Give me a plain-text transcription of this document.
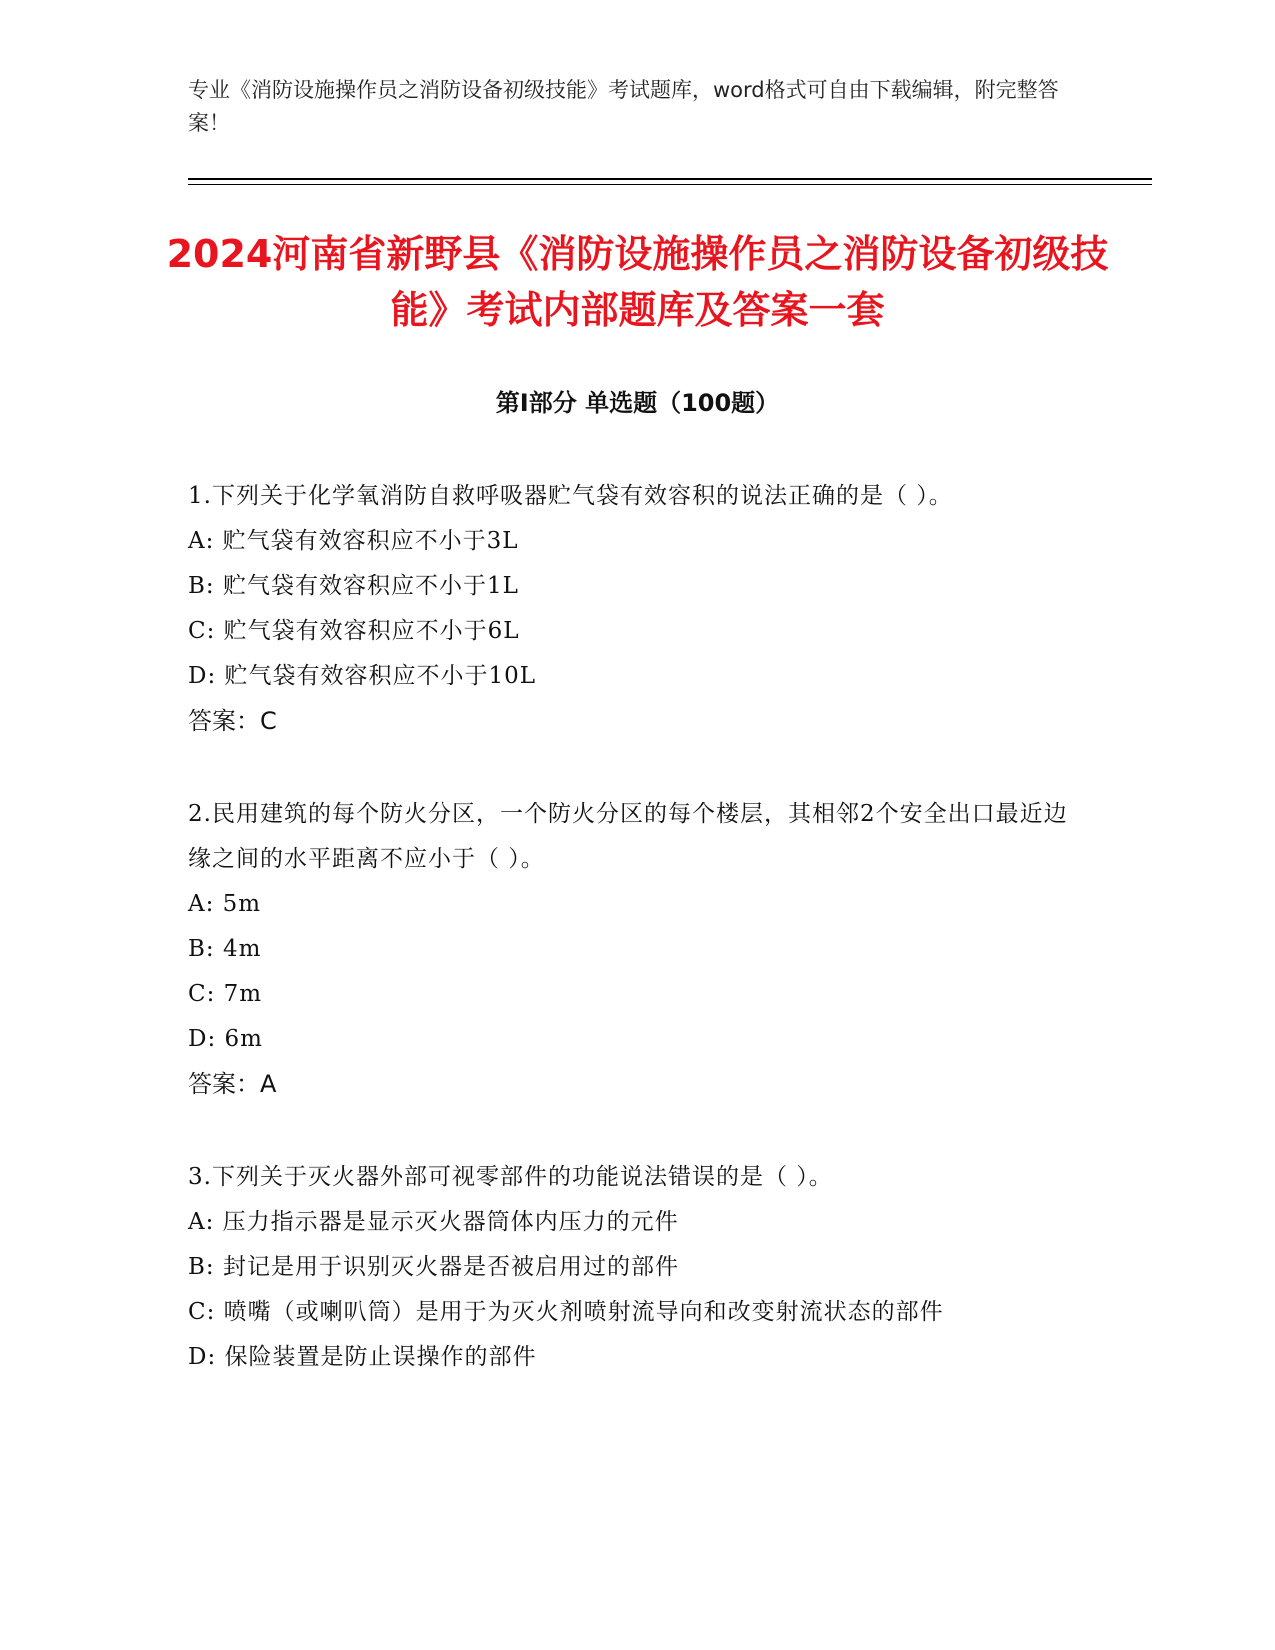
专业《消防设施操作员之消防设备初级技能》考试题库，word格式可自由下载编辑，附完整答案！
2024河南省新野县《消防设施操作员之消防设备初级技能》考试内部题库及答案一套
第Ⅰ部分 单选题（100题）
1.下列关于化学氧消防自救呼吸器贮气袋有效容积的说法正确的是（ ）。
A: 贮气袋有效容积应不小于3L
B: 贮气袋有效容积应不小于1L
C: 贮气袋有效容积应不小于6L
D: 贮气袋有效容积应不小于10L
答案：C
2.民用建筑的每个防火分区，一个防火分区的每个楼层，其相邻2个安全出口最近边缘之间的水平距离不应小于（ ）。
A: 5m
B: 4m
C: 7m
D: 6m
答案：A
3.下列关于灭火器外部可视零部件的功能说法错误的是（ ）。
A: 压力指示器是显示灭火器筒体内压力的元件
B: 封记是用于识别灭火器是否被启用过的部件
C: 喷嘴（或喇叭筒）是用于为灭火剂喷射流导向和改变射流状态的部件
D: 保险装置是防止误操作的部件
